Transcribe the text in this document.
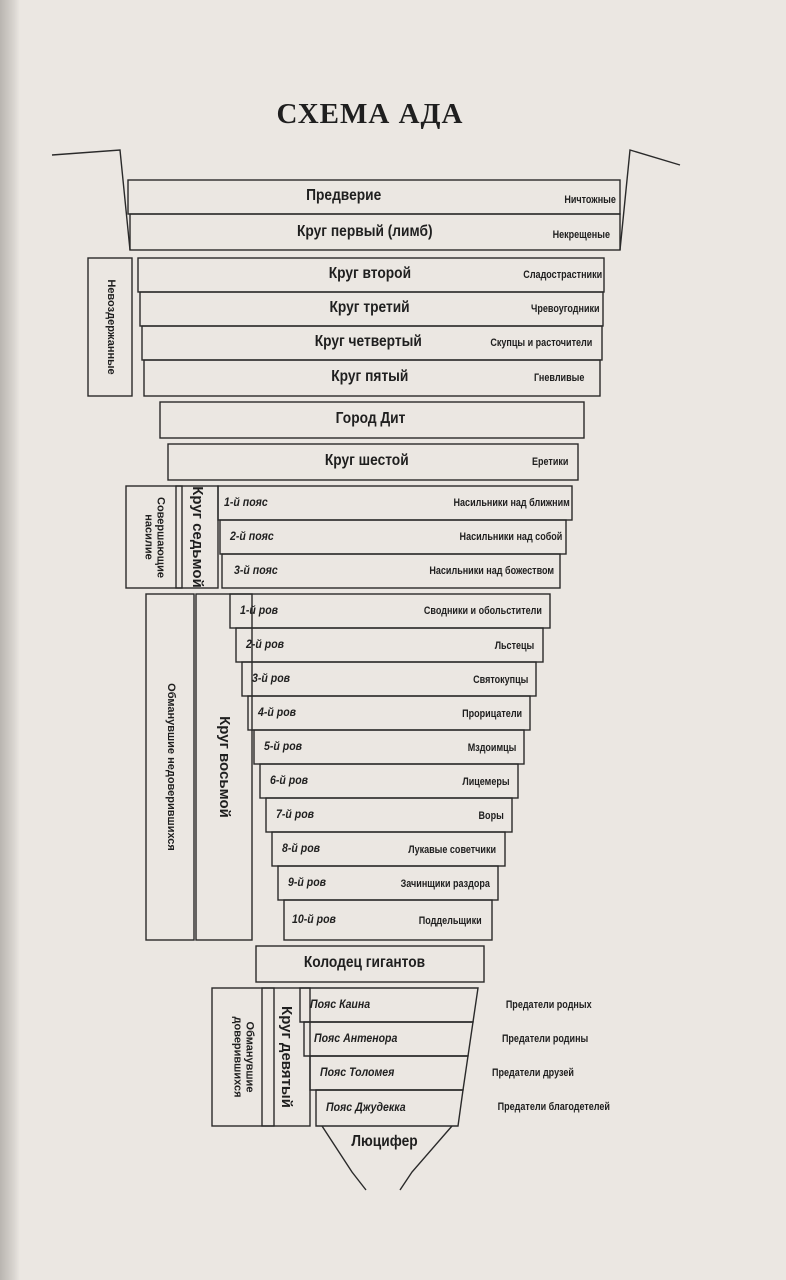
СХЕМА АДА
Предверие	Ничтожные
Круг первый (лимб)	Некрещеные
Круг второй	Сладострастники
Круг третий	Чревоугодники
Круг четвертый	Скупцы и расточители
Круг пятый	Гневливые
Город Дит
Круг шестой	Еретики
Колодец гигантов
Люцифер
Невоздержанные
Совершающие насилие	Круг седьмой
Обманувшие недоверившихся	Круг восьмой
Обманувшие доверившихся	Круг девятый
1-й пояс	Насильники над ближним
2-й пояс	Насильники над собой
3-й пояс	Насильники над божеством
1-й ров	Сводники и обольстители
2-й ров	Льстецы
3-й ров	Святокупцы
4-й ров	Прорицатели
5-й ров	Мздоимцы
6-й ров	Лицемеры
7-й ров	Воры
8-й ров	Лукавые советчики
9-й ров	Зачинщики раздора
10-й ров	Поддельщики
Пояс Каина	Предатели родных
Пояс Антенора	Предатели родины
Пояс Толомея	Предатели друзей
Пояс Джудекка	Предатели благодетелей
